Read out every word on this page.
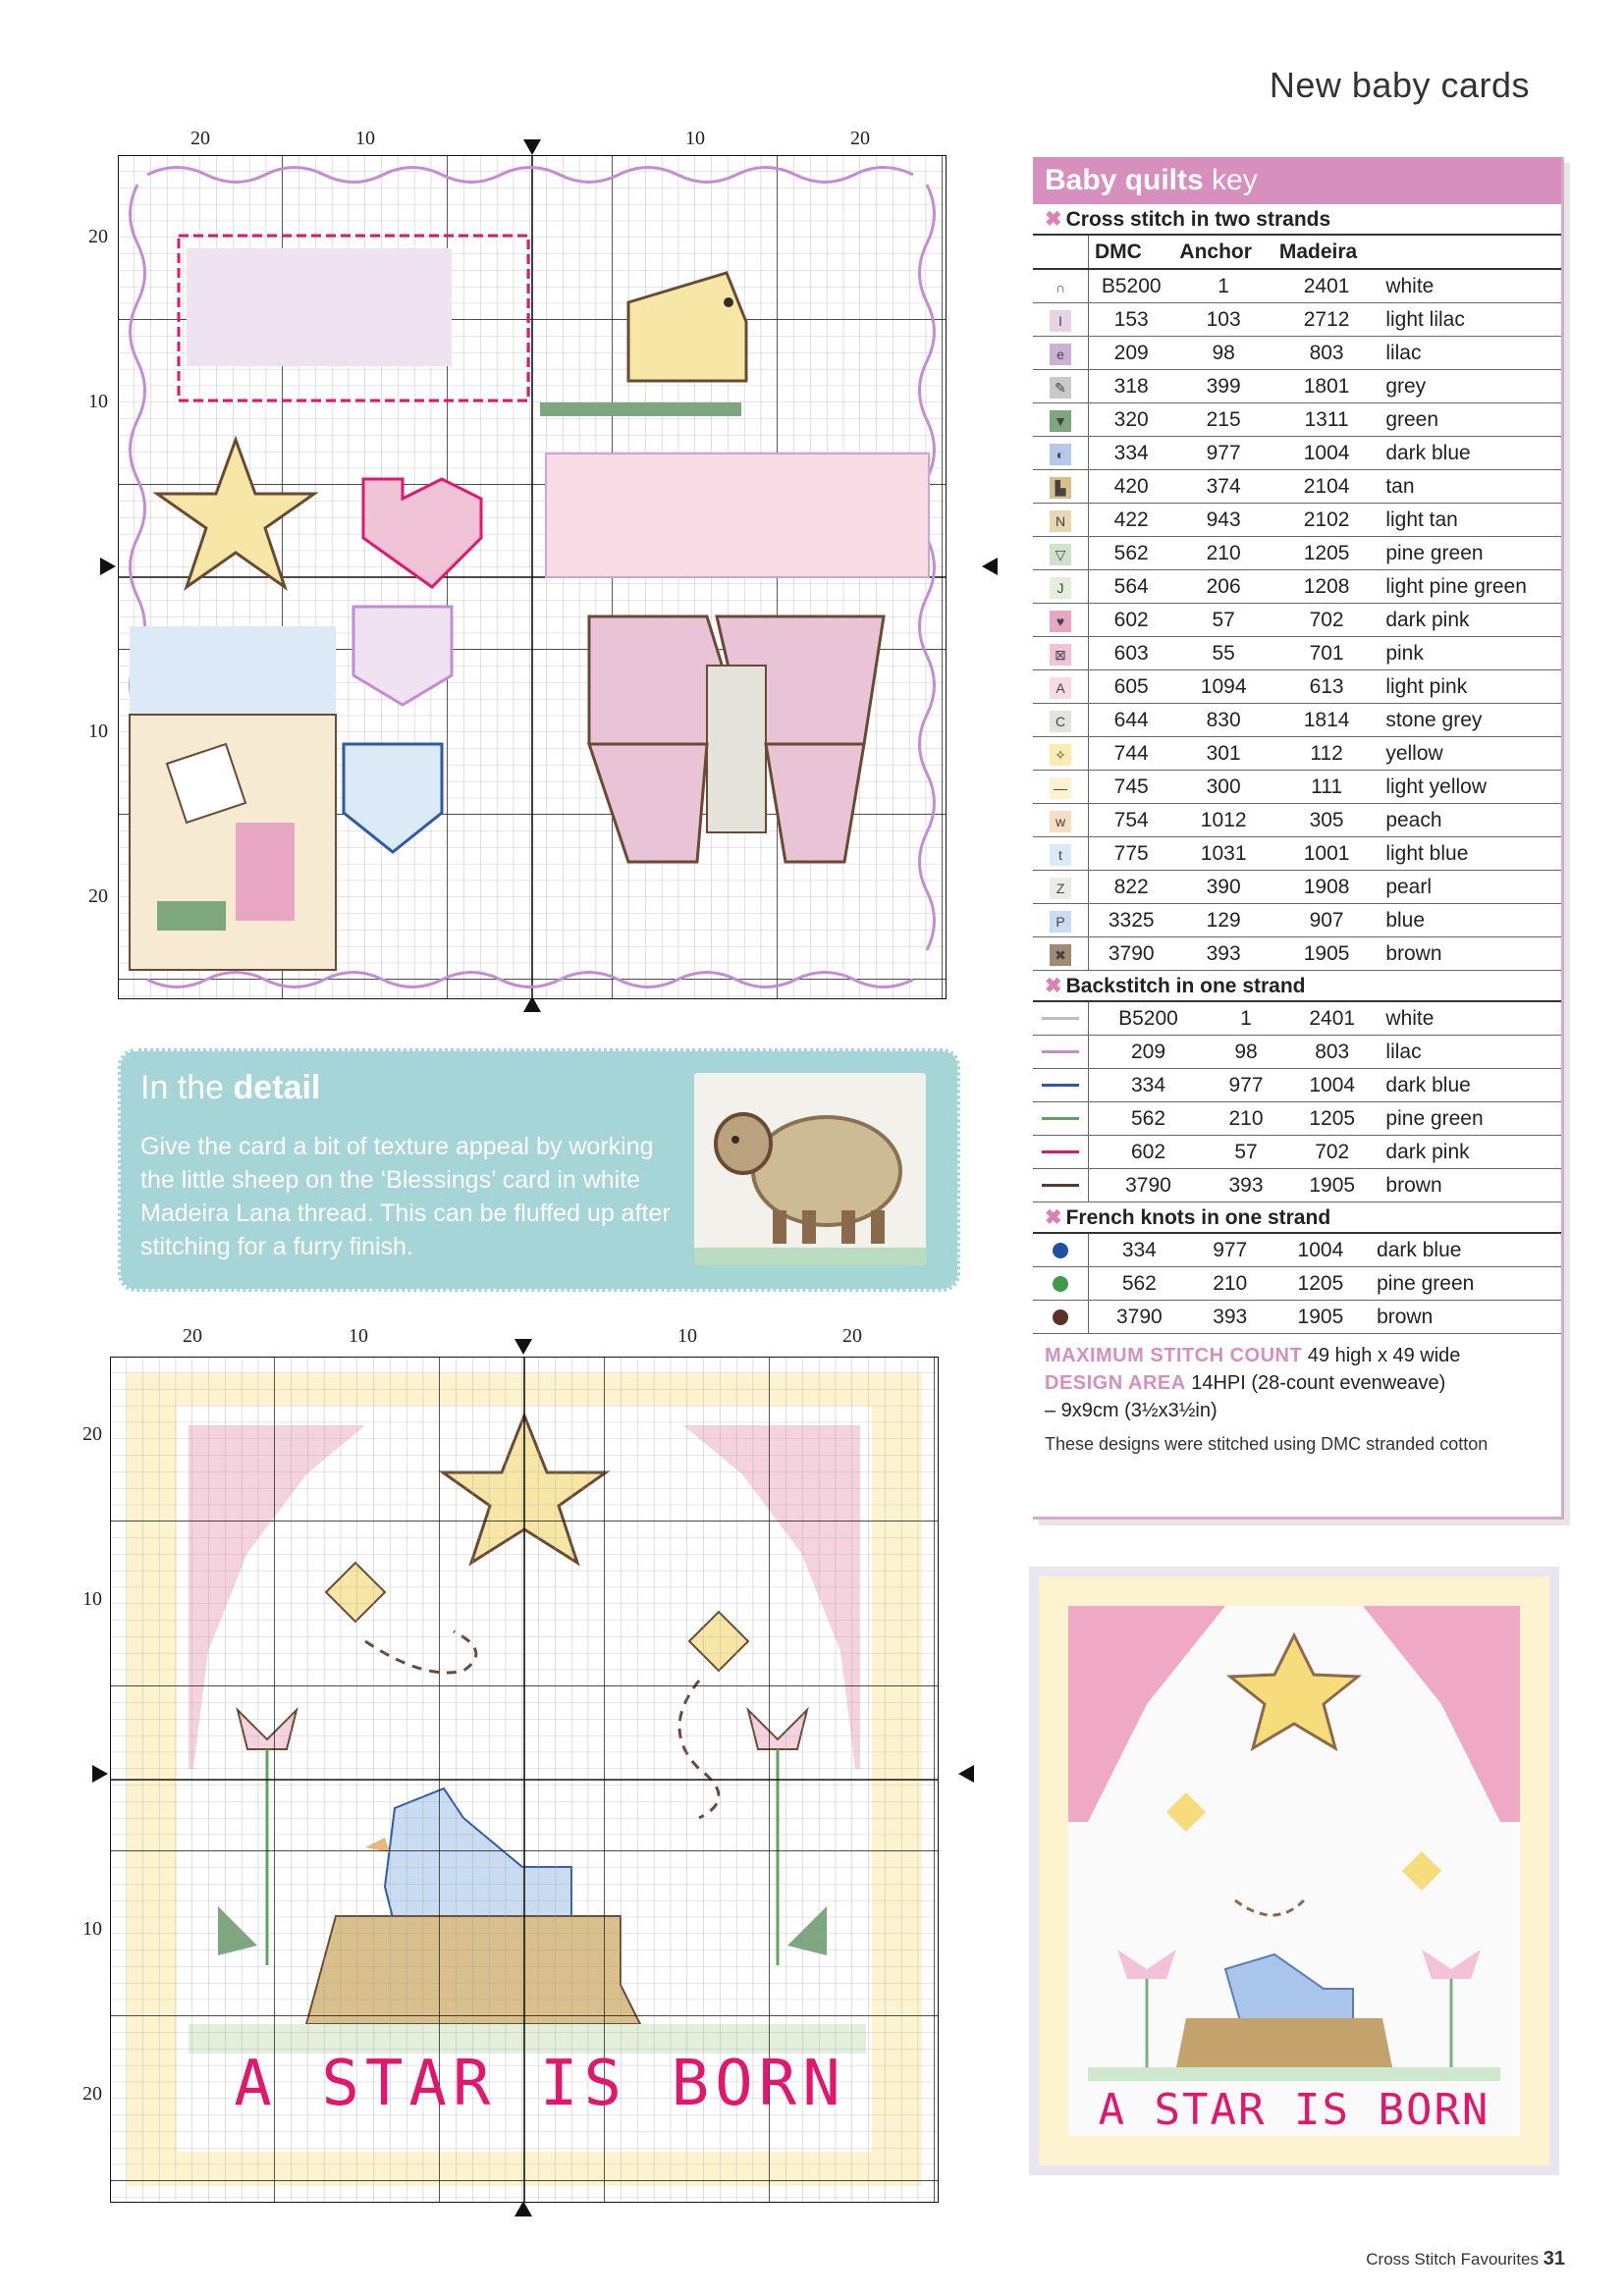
New baby cards
20	10	10	20
20
10
10
20
In the detail
Give the card a bit of texture appeal by working the little sheep on the ‘Blessings’ card in white Madeira Lana thread. This can be fluffed up after stitching for a furry finish.
20	10	10	20
20
10
10
20	A STAR IS BORN
Baby quilts key
✖ Cross stitch in two strands
	DMC	Anchor	Madeira	
∩	B5200	1	2401	white
I	153	103	2712	light lilac
e	209	98	803	lilac
✎	318	399	1801	grey
▼	320	215	1311	green
◐	334	977	1004	dark blue
▙	420	374	2104	tan
N	422	943	2102	light tan
▽	562	210	1205	pine green
J	564	206	1208	light pine green
♥	602	57	702	dark pink
⊠	603	55	701	pink
A	605	1094	613	light pink
C	644	830	1814	stone grey
✧	744	301	112	yellow
—	745	300	111	light yellow
w	754	1012	305	peach
t	775	1031	1001	light blue
Z	822	390	1908	pearl
P	3325	129	907	blue
✖	3790	393	1905	brown
✖ Backstitch in one strand
	B5200	1	2401	white
	209	98	803	lilac
	334	977	1004	dark blue
	562	210	1205	pine green
	602	57	702	dark pink
	3790	393	1905	brown
✖ French knots in one strand
	334	977	1004	dark blue
	562	210	1205	pine green
	3790	393	1905	brown
MAXIMUM STITCH COUNT 49 high x 49 wide
DESIGN AREA 14HPI (28-count evenweave)
– 9x9cm (3½x3½in)
These designs were stitched using DMC stranded cotton
A STAR IS BORN
Cross Stitch Favourites 31
